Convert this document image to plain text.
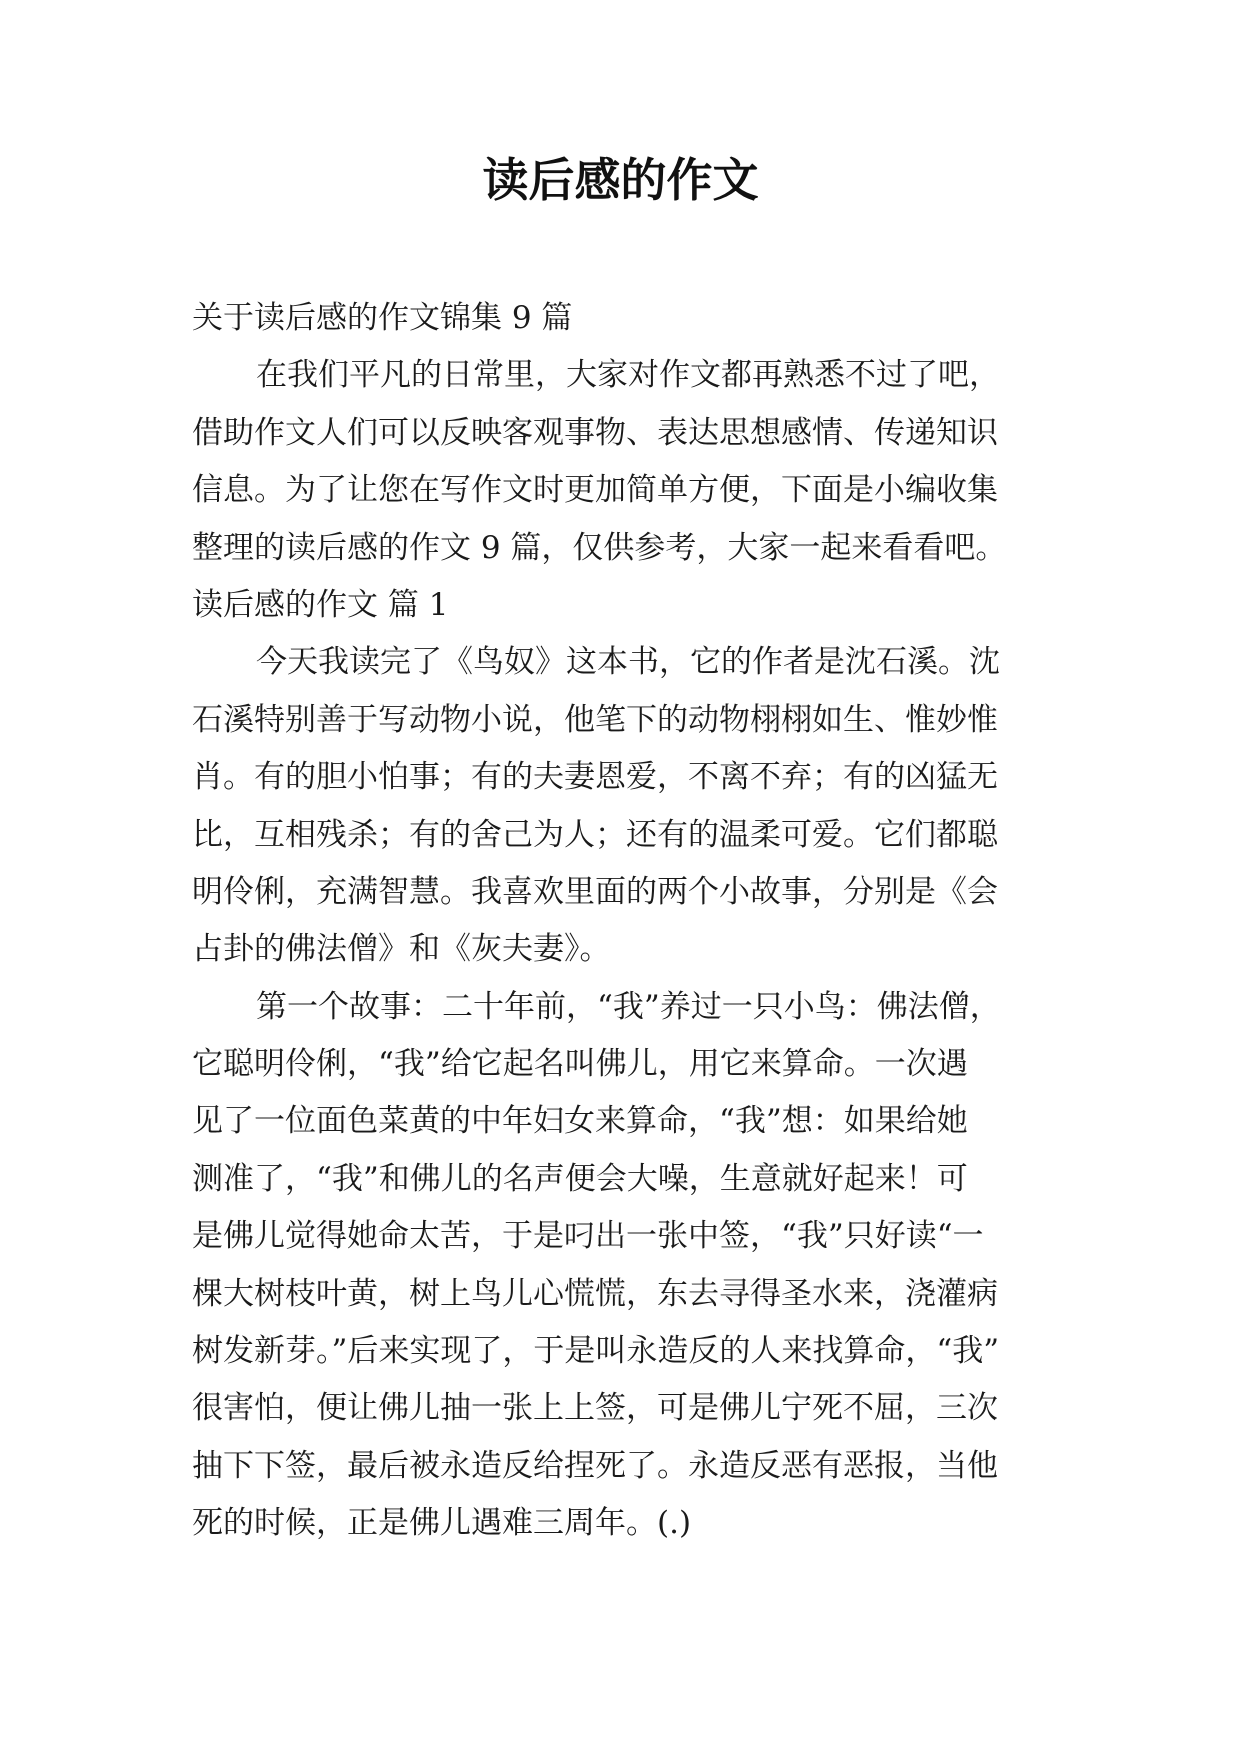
读后感的作文
关于读后感的作文锦集 9 篇
在我们平凡的日常里，大家对作文都再熟悉不过了吧，
借助作文人们可以反映客观事物、表达思想感情、传递知识
信息。为了让您在写作文时更加简单方便，下面是小编收集
整理的读后感的作文 9 篇，仅供参考，大家一起来看看吧。
读后感的作文 篇 1
今天我读完了《鸟奴》这本书，它的作者是沈石溪。沈
石溪特别善于写动物小说，他笔下的动物栩栩如生、惟妙惟
肖。有的胆小怕事；有的夫妻恩爱，不离不弃；有的凶猛无
比，互相残杀；有的舍己为人；还有的温柔可爱。它们都聪
明伶俐，充满智慧。我喜欢里面的两个小故事，分别是《会
占卦的佛法僧》和《灰夫妻》。
第一个故事：二十年前，“我”养过一只小鸟：佛法僧，
它聪明伶俐，“我”给它起名叫佛儿，用它来算命。一次遇
见了一位面色菜黄的中年妇女来算命，“我”想：如果给她
测准了，“我”和佛儿的名声便会大噪，生意就好起来！可
是佛儿觉得她命太苦，于是叼出一张中签，“我”只好读“一
棵大树枝叶黄，树上鸟儿心慌慌，东去寻得圣水来，浇灌病
树发新芽。”后来实现了，于是叫永造反的人来找算命，“我”
很害怕，便让佛儿抽一张上上签，可是佛儿宁死不屈，三次
抽下下签，最后被永造反给捏死了。永造反恶有恶报，当他
死的时候，正是佛儿遇难三周年。(.)
